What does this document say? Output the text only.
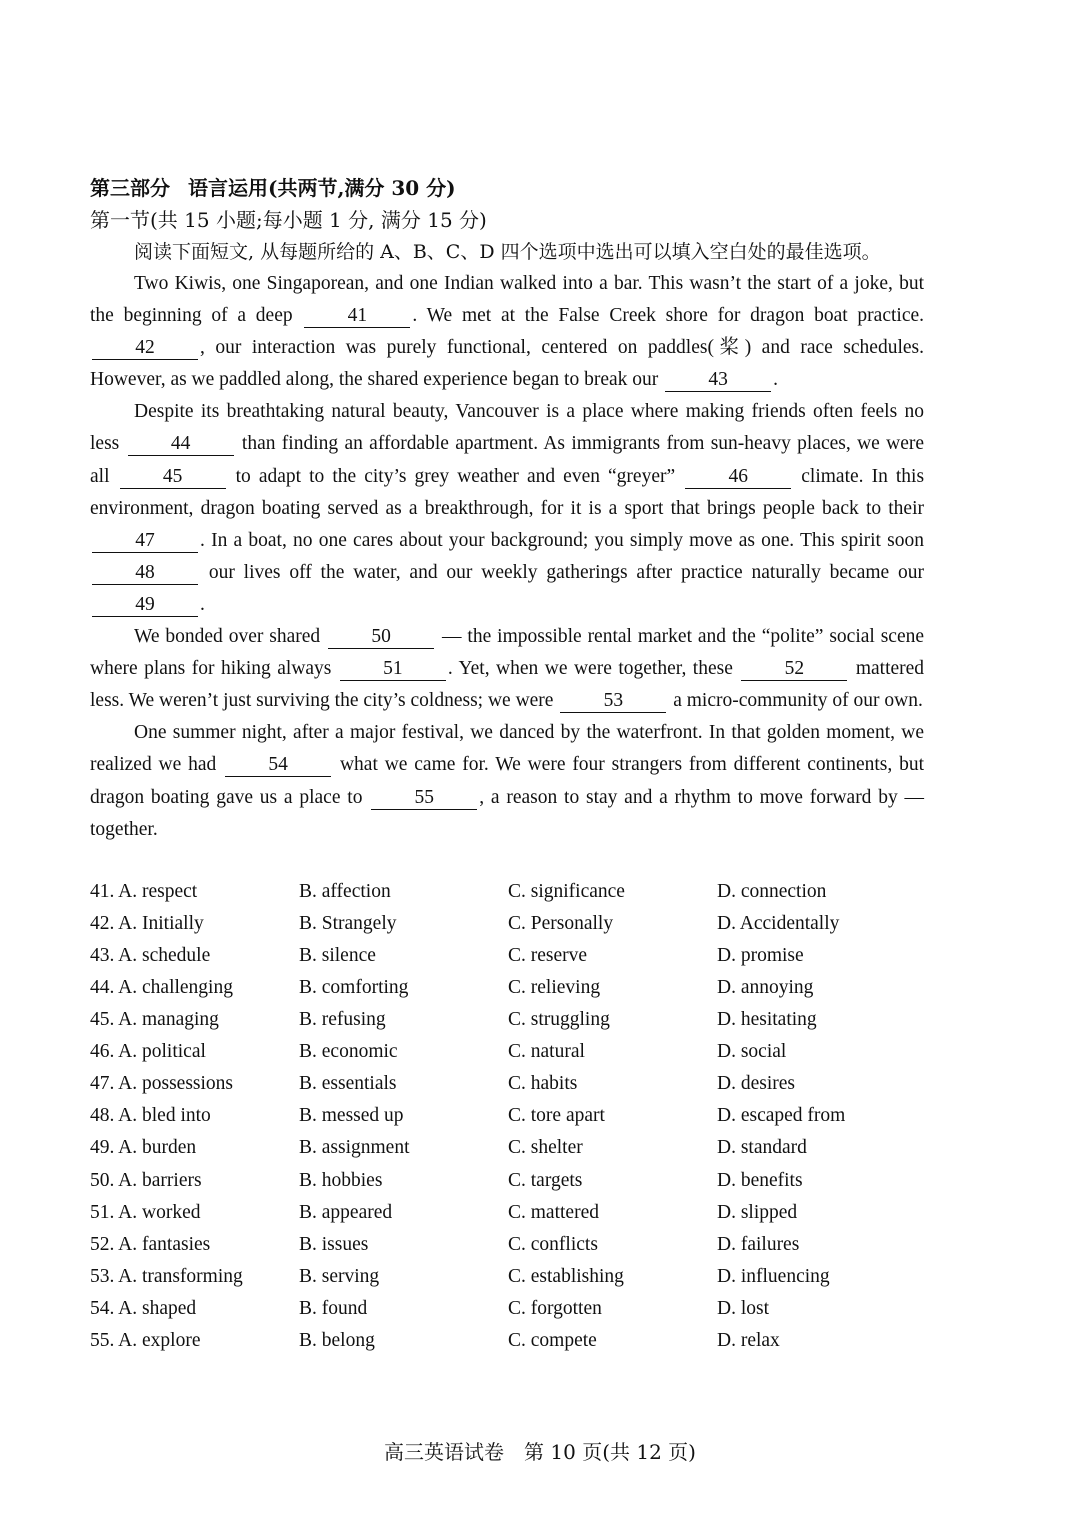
第三部分 语言运用(共两节,满分 30 分)
第一节(共 15 小题;每小题 1 分, 满分 15 分)
阅读下面短文, 从每题所给的 A、B、C、D 四个选项中选出可以填入空白处的最佳选项。

Two Kiwis, one Singaporean, and one Indian walked into a bar. This wasn’t the start of a joke, but the beginning of a deep	41 . We met at the False Creek shore for dragon boat practice. 42 , our interaction was purely functional, centered on paddles(桨) and race schedules. However, as we paddled along, the shared experience began to break our	43 .

Despite its breathtaking natural beauty, Vancouver is a place where making friends often feels no less	44	than finding an affordable apartment. As immigrants from sun-heavy places, we were all	45	to adapt to the city’s grey weather and even “greyer”	46	climate. In this environment, dragon boating served as a breakthrough, for it is a sport that brings people back to their 47 . In a boat, no one cares about your background; you simply move as one. This spirit soon 48	our lives off the water, and our weekly gatherings after practice naturally became our 49 .

We bonded over shared	50	— the impossible rental market and the “polite” social scene where plans for hiking always	51 . Yet, when we were together, these	52	mattered less. We weren’t just surviving the city’s coldness; we were	53	a micro-community of our own.

One summer night, after a major festival, we danced by the waterfront. In that golden moment, we realized we had	54	what we came for. We were four strangers from different continents, but dragon boating gave us a place to	55 , a reason to stay and a rhythm to move forward by — together.

41. A. respect	B. affection	C. significance	D. connection
42. A. Initially	B. Strangely	C. Personally	D. Accidentally
43. A. schedule	B. silence	C. reserve	D. promise
44. A. challenging	B. comforting	C. relieving	D. annoying
45. A. managing	B. refusing	C. struggling	D. hesitating
46. A. political	B. economic	C. natural	D. social
47. A. possessions	B. essentials	C. habits	D. desires
48. A. bled into	B. messed up	C. tore apart	D. escaped from
49. A. burden	B. assignment	C. shelter	D. standard
50. A. barriers	B. hobbies	C. targets	D. benefits
51. A. worked	B. appeared	C. mattered	D. slipped
52. A. fantasies	B. issues	C. conflicts	D. failures
53. A. transforming	B. serving	C. establishing	D. influencing
54. A. shaped	B. found	C. forgotten	D. lost
55. A. explore	B. belong	C. compete	D. relax
高三英语试卷　第 10 页(共 12 页)
